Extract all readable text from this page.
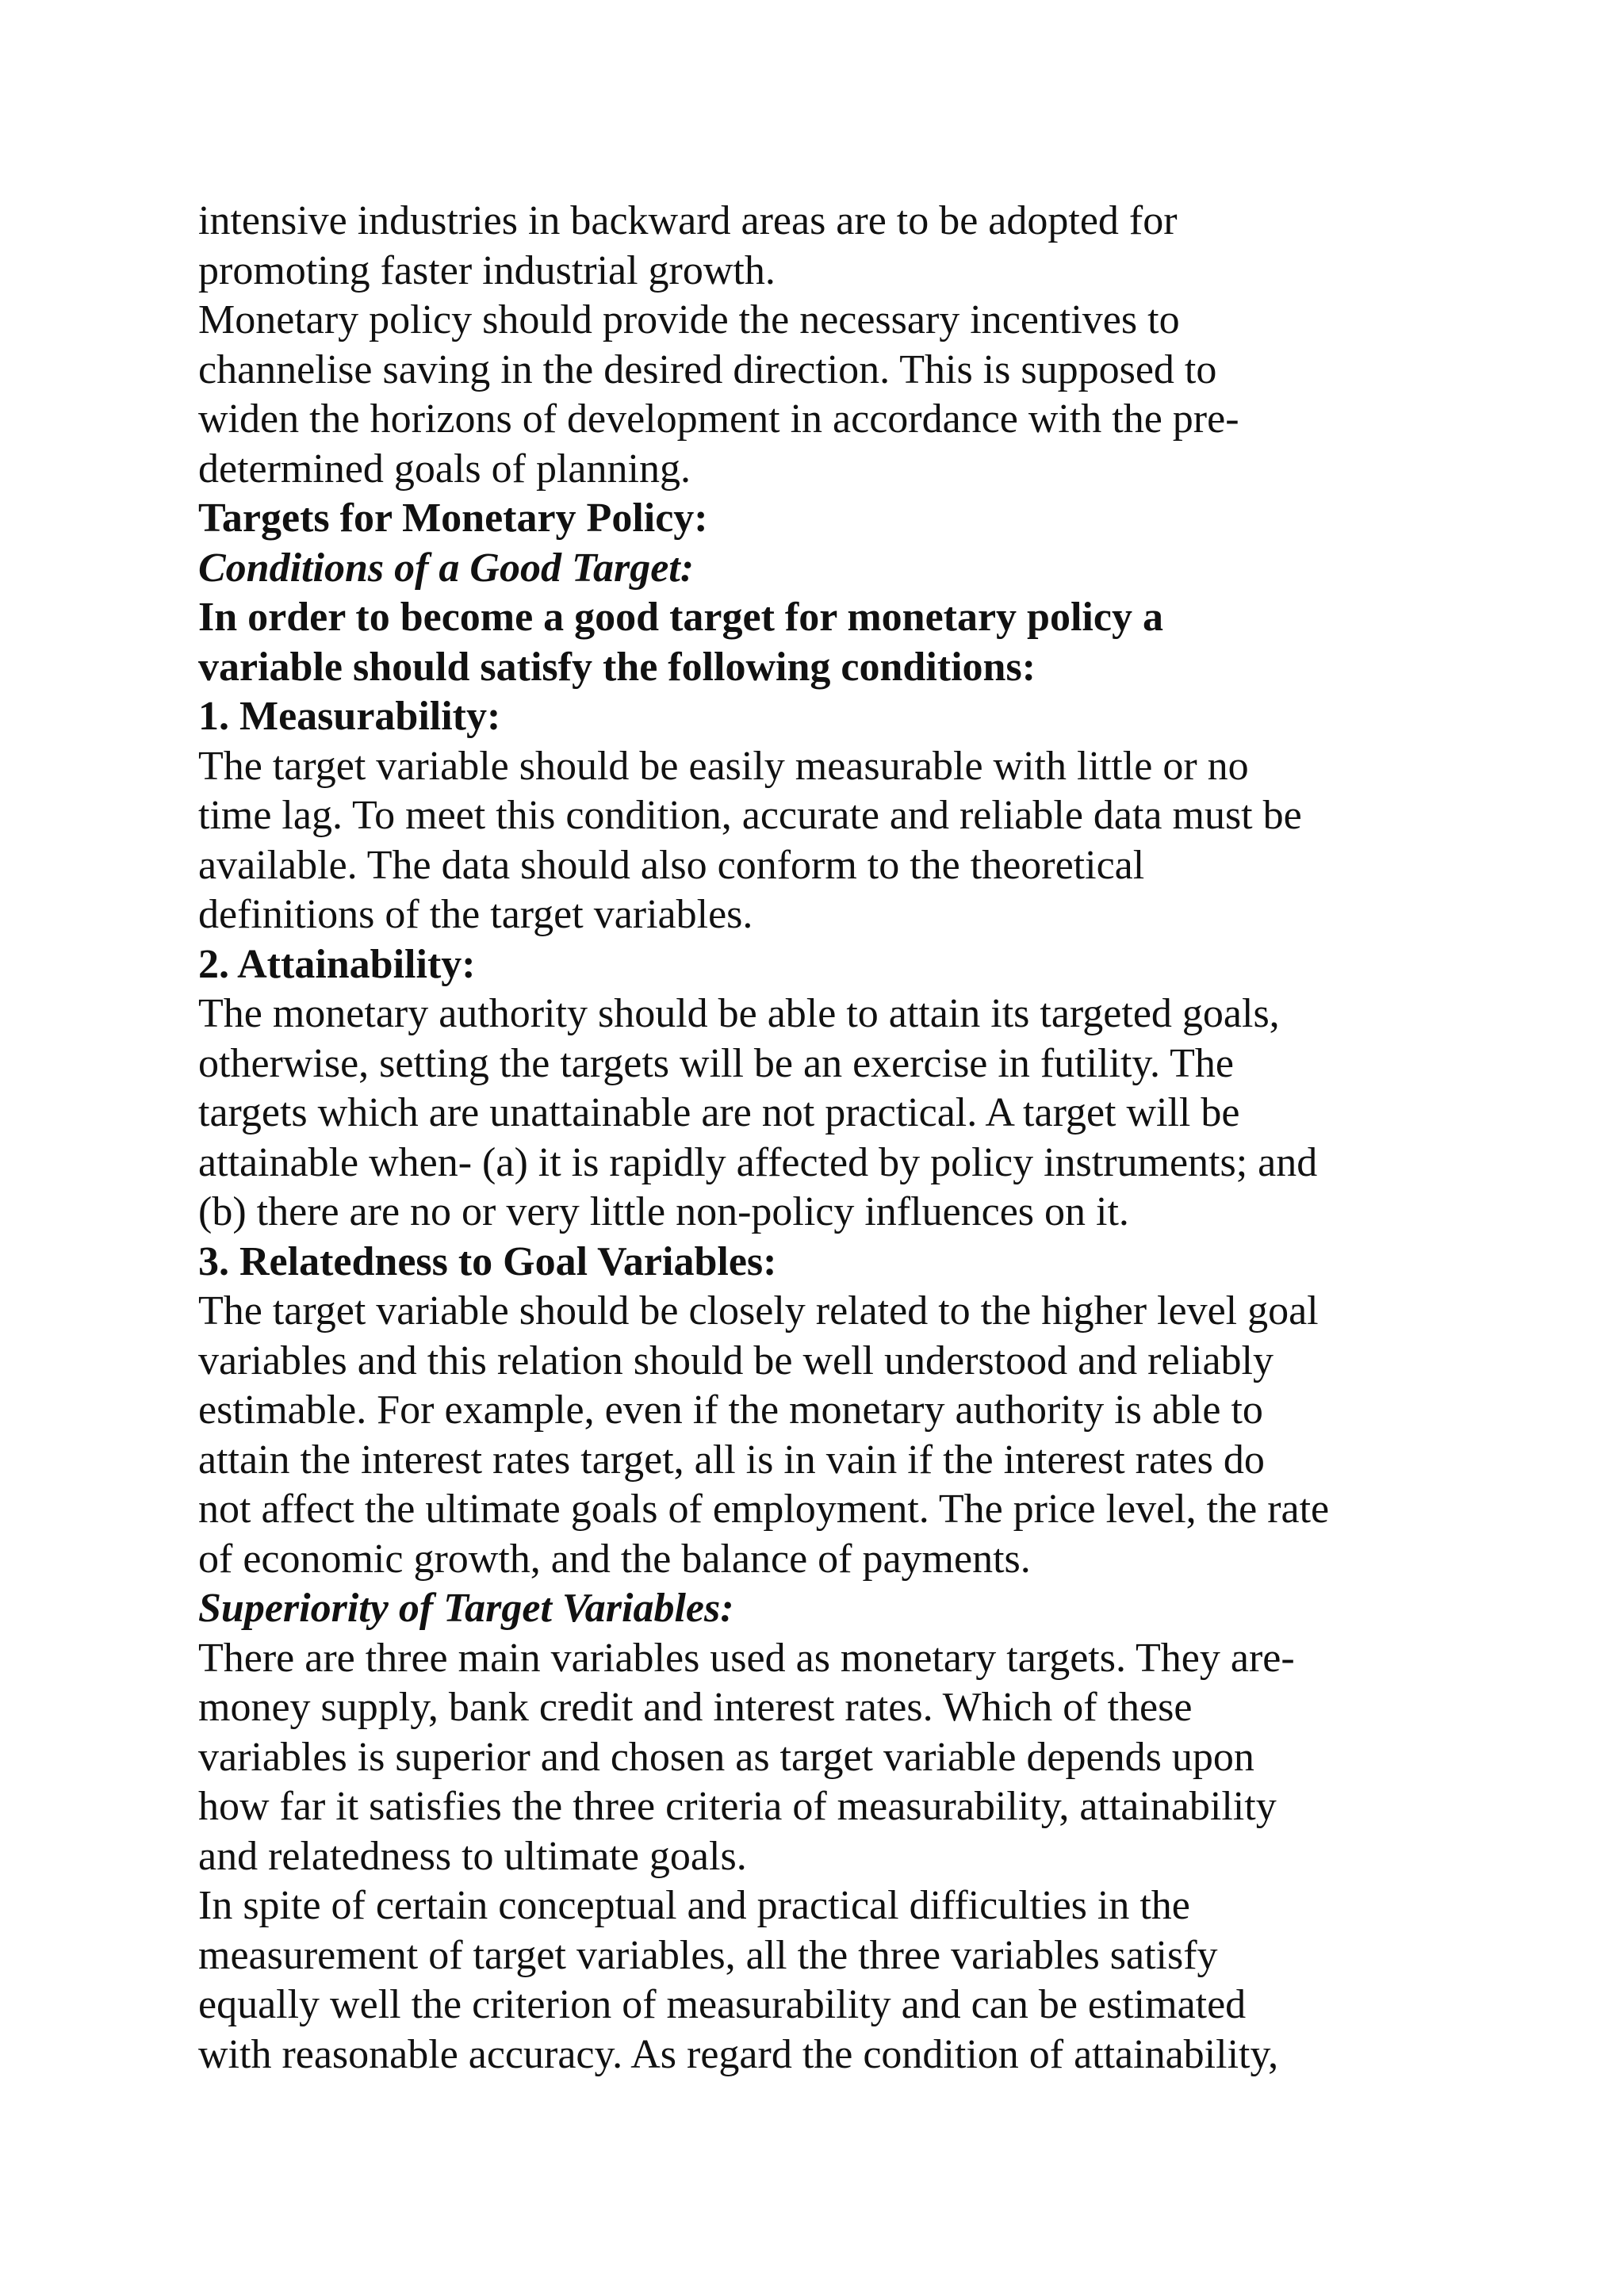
intensive industries in backward areas are to be adopted for
promoting faster industrial growth.

Monetary policy should provide the necessary incentives to
channelise saving in the desired direction. This is supposed to
widen the horizons of development in accordance with the pre-
determined goals of planning.

Targets for Monetary Policy:
Conditions of a Good Target:

In order to become a good target for monetary policy a
variable should satisfy the following conditions:

1. Measurability:

The target variable should be easily measurable with little or no
time lag. To meet this condition, accurate and reliable data must be
available. The data should also conform to the theoretical
definitions of the target variables.

2. Attainability:

The monetary authority should be able to attain its targeted goals,
otherwise, setting the targets will be an exercise in futility. The
targets which are unattainable are not practical. A target will be
attainable when- (a) it is rapidly affected by policy instruments; and
(b) there are no or very little non-policy influences on it.

3. Relatedness to Goal Variables:

The target variable should be closely related to the higher level goal
variables and this relation should be well understood and reliably
estimable. For example, even if the monetary authority is able to
attain the interest rates target, all is in vain if the interest rates do
not affect the ultimate goals of employment. The price level, the rate
of economic growth, and the balance of payments.

Superiority of Target Variables:

There are three main variables used as monetary targets. They are-
money supply, bank credit and interest rates. Which of these
variables is superior and chosen as target variable depends upon
how far it satisfies the three criteria of measurability, attainability
and relatedness to ultimate goals.

In spite of certain conceptual and practical difficulties in the
measurement of target variables, all the three variables satisfy
equally well the criterion of measurability and can be estimated
with reasonable accuracy. As regard the condition of attainability,
